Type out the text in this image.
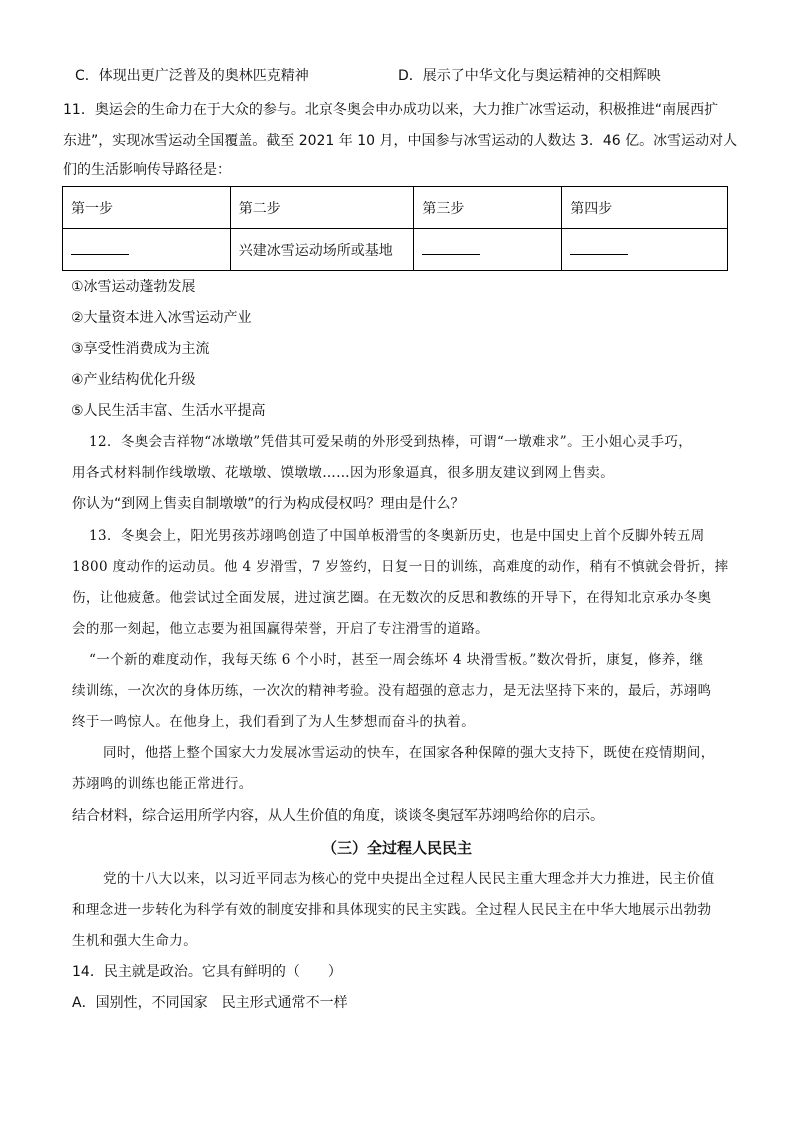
C．体现出更广泛普及的奥林匹克精神	D．展示了中华文化与奥运精神的交相辉映
11．奥运会的生命力在于大众的参与。北京冬奥会申办成功以来，大力推广冰雪运动，积极推进“南展西扩
东进”，实现冰雪运动全国覆盖。截至 2021 年 10 月，中国参与冰雪运动的人数达 3．46 亿。冰雪运动对人
们的生活影响传导路径是：
第一步	第二步	第三步	第四步
	兴建冰雪运动场所或基地		
①冰雪运动蓬勃发展
②大量资本进入冰雪运动产业
③享受性消费成为主流
④产业结构优化升级
⑤人民生活丰富、生活水平提高
12．冬奥会吉祥物“冰墩墩”凭借其可爱呆萌的外形受到热棒，可谓“一墩难求”。王小姐心灵手巧，
用各式材料制作线墩墩、花墩墩、馍墩墩……因为形象逼真，很多朋友建议到网上售卖。
你认为“到网上售卖自制墩墩”的行为构成侵权吗？理由是什么？
13．冬奥会上，阳光男孩苏翊鸣创造了中国单板滑雪的冬奥新历史，也是中国史上首个反脚外转五周
1800 度动作的运动员。他 4 岁滑雪，7 岁签约，日复一日的训练，高难度的动作，稍有不慎就会骨折，摔
伤，让他疲惫。他尝试过全面发展，进过演艺圈。在无数次的反思和教练的开导下，在得知北京承办冬奥
会的那一刻起，他立志要为祖国赢得荣誉，开启了专注滑雪的道路。
“一个新的难度动作，我每天练 6 个小时，甚至一周会练坏 4 块滑雪板。”数次骨折，康复，修养，继
续训练，一次次的身体历练，一次次的精神考验。没有超强的意志力，是无法坚持下来的，最后，苏翊鸣
终于一鸣惊人。在他身上，我们看到了为人生梦想而奋斗的执着。
同时，他搭上整个国家大力发展冰雪运动的快车，在国家各种保障的强大支持下，既使在疫情期间，
苏翊鸣的训练也能正常进行。
结合材料，综合运用所学内容，从人生价值的角度，谈谈冬奥冠军苏翊鸣给你的启示。
（三）全过程人民民主
党的十八大以来，以习近平同志为核心的党中央提出全过程人民民主重大理念并大力推进，民主价值
和理念进一步转化为科学有效的制度安排和具体现实的民主实践。全过程人民民主在中华大地展示出勃勃
生机和强大生命力。
14．民主就是政治。它具有鲜明的（　　）
A．国别性，不同国家　民主形式通常不一样
